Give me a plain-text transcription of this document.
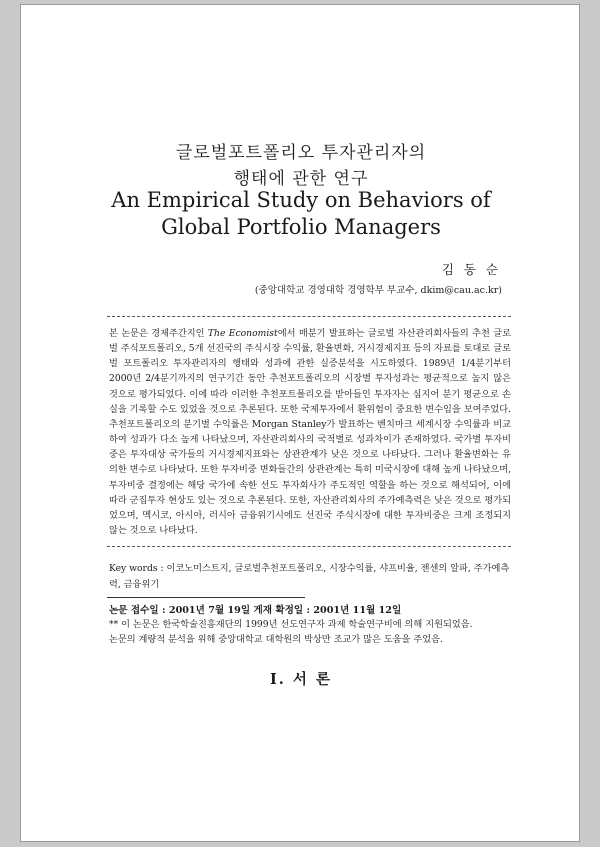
글로벌포트폴리오 투자관리자의
행태에 관한 연구
An Empirical Study on Behaviors of
Global Portfolio Managers
김 동 순
(중앙대학교 경영대학 경영학부 부교수, dkim@cau.ac.kr)

본 논문은 경제주간지인 The Economist에서 매분기 발표하는 글로벌 자산관리회사들의 추천 글로벌 주식포트폴리오, 5개 선진국의 주식시장 수익률, 환율변화, 거시경제지표 등의 자료를 토대로 글로벌 포트폴리오 투자관리자의 행태와 성과에 관한 실증분석을 시도하였다. 1989년 1/4분기부터 2000년 2/4분기까지의 연구기간 동안 추천포트폴리오의 시장별 투자성과는 평균적으로 높지 않은 것으로 평가되었다. 이에 따라 이러한 추천포트폴리오를 받아들인 투자자는 심지어 분기 평균으로 손실을 기록할 수도 있었을 것으로 추론된다. 또한 국제투자에서 환위험이 중요한 변수임을 보여주었다. 추천포트폴리오의 분기별 수익률은 Morgan Stanley가 발표하는 벤치마크 세계시장 수익률과 비교하여 성과가 다소 높게 나타났으며, 자산관리회사의 국적별로 성과차이가 존재하였다. 국가별 투자비중은 투자대상 국가들의 거시경제지표와는 상관관계가 낮은 것으로 나타났다. 그러나 환율변화는 유의한 변수로 나타났다. 또한 투자비중 변화들간의 상관관계는 특히 미국시장에 대해 높게 나타났으며, 투자비중 결정에는 해당 국가에 속한 선도 투자회사가 주도적인 역할을 하는 것으로 해석되어, 이에 따라 군집투자 현상도 있는 것으로 추론된다. 또한, 자산관리회사의 주가예측력은 낮은 것으로 평가되었으며, 멕시코, 아시아, 러시아 금융위기시에도 선진국 주식시장에 대한 투자비중은 크게 조정되지 않는 것으로 나타났다.

Key words : 이코노미스트지, 글로벌추천포트폴리오, 시장수익률, 샤프비율, 젠센의 알파, 주가예측력, 금융위기
논문 접수일 : 2001년 7월 19일 게재 확정일 : 2001년 11월 12일

** 이 논문은 한국학술진흥재단의 1999년 선도연구자 과제 학술연구비에 의해 지원되었음.

논문의 계량적 분석을 위해 중앙대학교 대학원의 박상만 조교가 많은 도움을 주었음.

I. 서 론
